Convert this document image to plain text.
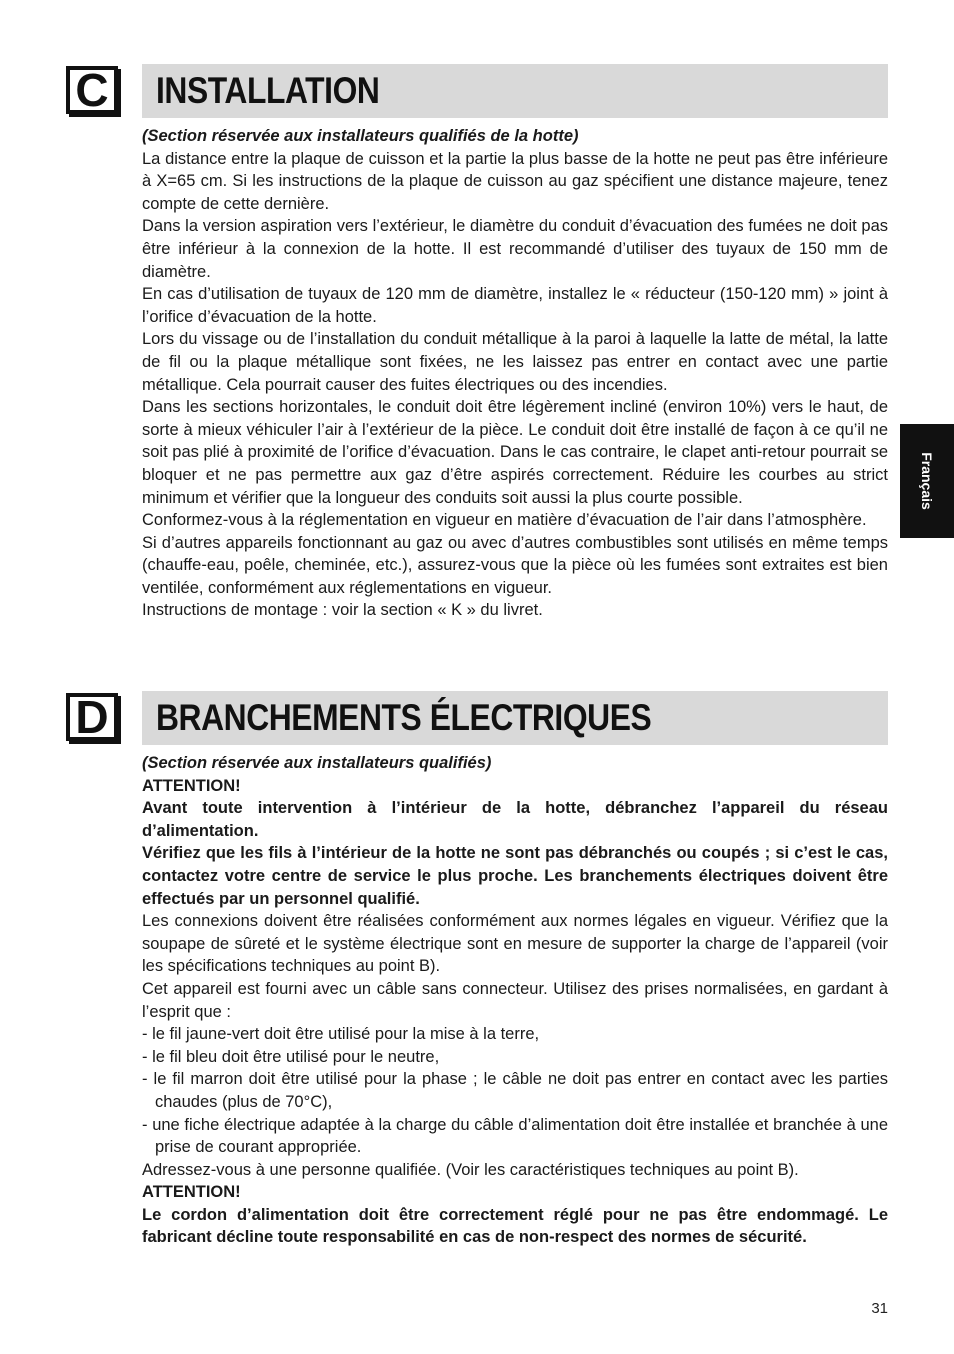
C INSTALLATION

(Section réservée aux installateurs qualifiés de la hotte)

La distance entre la plaque de cuisson et la partie la plus basse de la hotte ne peut pas être inférieure à X=65 cm. Si les instructions de la plaque de cuisson au gaz spécifient une distance majeure, tenez compte de cette dernière.

Dans la version aspiration vers l’extérieur, le diamètre du conduit d’évacuation des fumées ne doit pas être inférieur à la connexion de la hotte. Il est recommandé d’utiliser des tuyaux de 150 mm de diamètre.

En cas d’utilisation de tuyaux de 120 mm de diamètre, installez le « réducteur (150-120 mm) » joint à l’orifice d’évacuation de la hotte.

Lors du vissage ou de l’installation du conduit métallique à la paroi à laquelle la latte de métal, la latte de fil ou la plaque métallique sont fixées, ne les laissez pas entrer en contact avec une partie métallique. Cela pourrait causer des fuites électriques ou des incendies.

Dans les sections horizontales, le conduit doit être légèrement incliné (environ 10%) vers le haut, de sorte à mieux véhiculer l’air à l’extérieur de la pièce. Le conduit doit être installé de façon à ce qu’il ne soit pas plié à proximité de l’orifice d’évacuation. Dans le cas contraire, le clapet anti-retour pourrait se bloquer et ne pas permettre aux gaz d’être aspirés correctement. Réduire les courbes au strict minimum et vérifier que la longueur des conduits soit aussi la plus courte possible.

Conformez-vous à la réglementation en vigueur en matière d’évacuation de l’air dans l’atmosphère.

Si d’autres appareils fonctionnant au gaz ou avec d’autres combustibles sont utilisés en même temps (chauffe-eau, poêle, cheminée, etc.), assurez-vous que la pièce où les fumées sont extraites est bien ventilée, conformément aux réglementations en vigueur.

Instructions de montage : voir la section « K » du livret.

D BRANCHEMENTS ÉLECTRIQUES

(Section réservée aux installateurs qualifiés)

ATTENTION!

Avant toute intervention à l’intérieur de la hotte, débranchez l’appareil du réseau d’alimentation.

Vérifiez que les fils à l’intérieur de la hotte ne sont pas débranchés ou coupés ; si c’est le cas, contactez votre centre de service le plus proche. Les branchements électriques doivent être effectués par un personnel qualifié.

Les connexions doivent être réalisées conformément aux normes légales en vigueur. Vérifiez que la soupape de sûreté et le système électrique sont en mesure de supporter la charge de l’appareil (voir les spécifications techniques au point B).

Cet appareil est fourni avec un câble sans connecteur. Utilisez des prises normalisées, en gardant à l’esprit que :

- le fil jaune-vert doit être utilisé pour la mise à la terre,

- le fil bleu doit être utilisé pour le neutre,

- le fil marron doit être utilisé pour la phase ; le câble ne doit pas entrer en contact avec les parties chaudes (plus de 70°C),

- une fiche électrique adaptée à la charge du câble d’alimentation doit être installée et branchée à une prise de courant appropriée.

Adressez-vous à une personne qualifiée. (Voir les caractéristiques techniques au point B).

ATTENTION!

Le cordon d’alimentation doit être correctement réglé pour ne pas être endommagé. Le fabricant décline toute responsabilité en cas de non-respect des normes de sécurité.

Français
31
